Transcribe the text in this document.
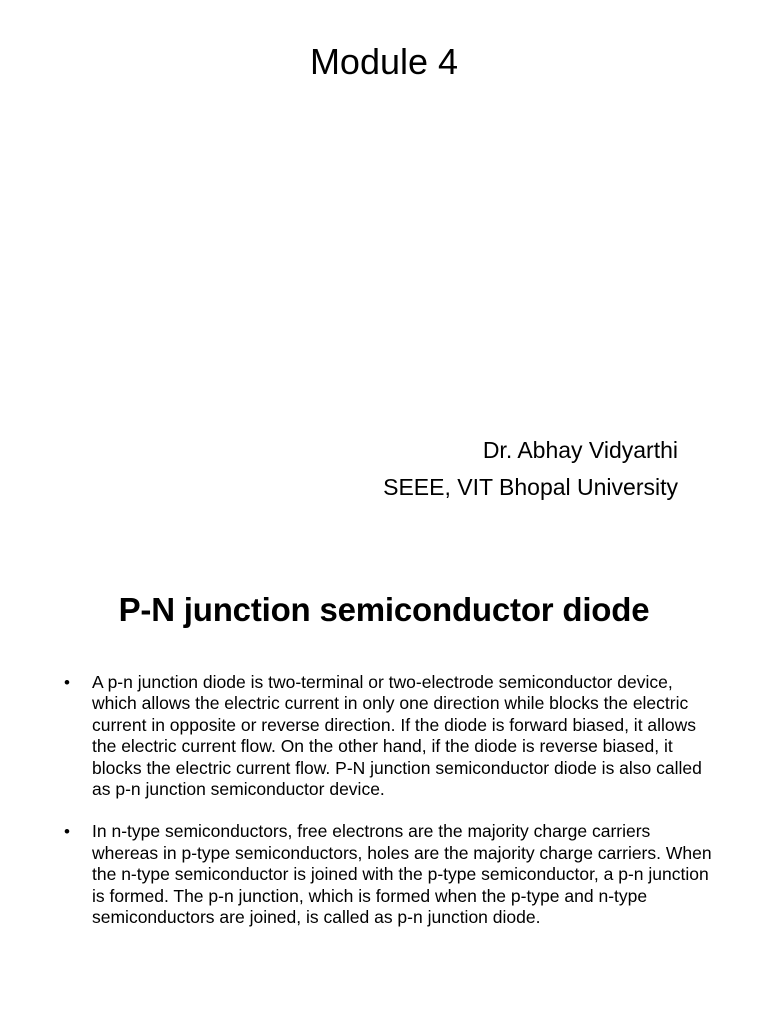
Module 4
Dr. Abhay Vidyarthi
SEEE, VIT Bhopal University
P-N junction semiconductor diode
• A p-n junction diode is two-terminal or two-electrode semiconductor device, which allows the electric current in only one direction while blocks the electric current in opposite or reverse direction. If the diode is forward biased, it allows the electric current flow. On the other hand, if the diode is reverse biased, it blocks the electric current flow. P-N junction semiconductor diode is also called as p-n junction semiconductor device.
• In n-type semiconductors, free electrons are the majority charge carriers whereas in p-type semiconductors, holes are the majority charge carriers. When the n-type semiconductor is joined with the p-type semiconductor, a p-n junction is formed. The p-n junction, which is formed when the p-type and n-type semiconductors are joined, is called as p-n junction diode.
